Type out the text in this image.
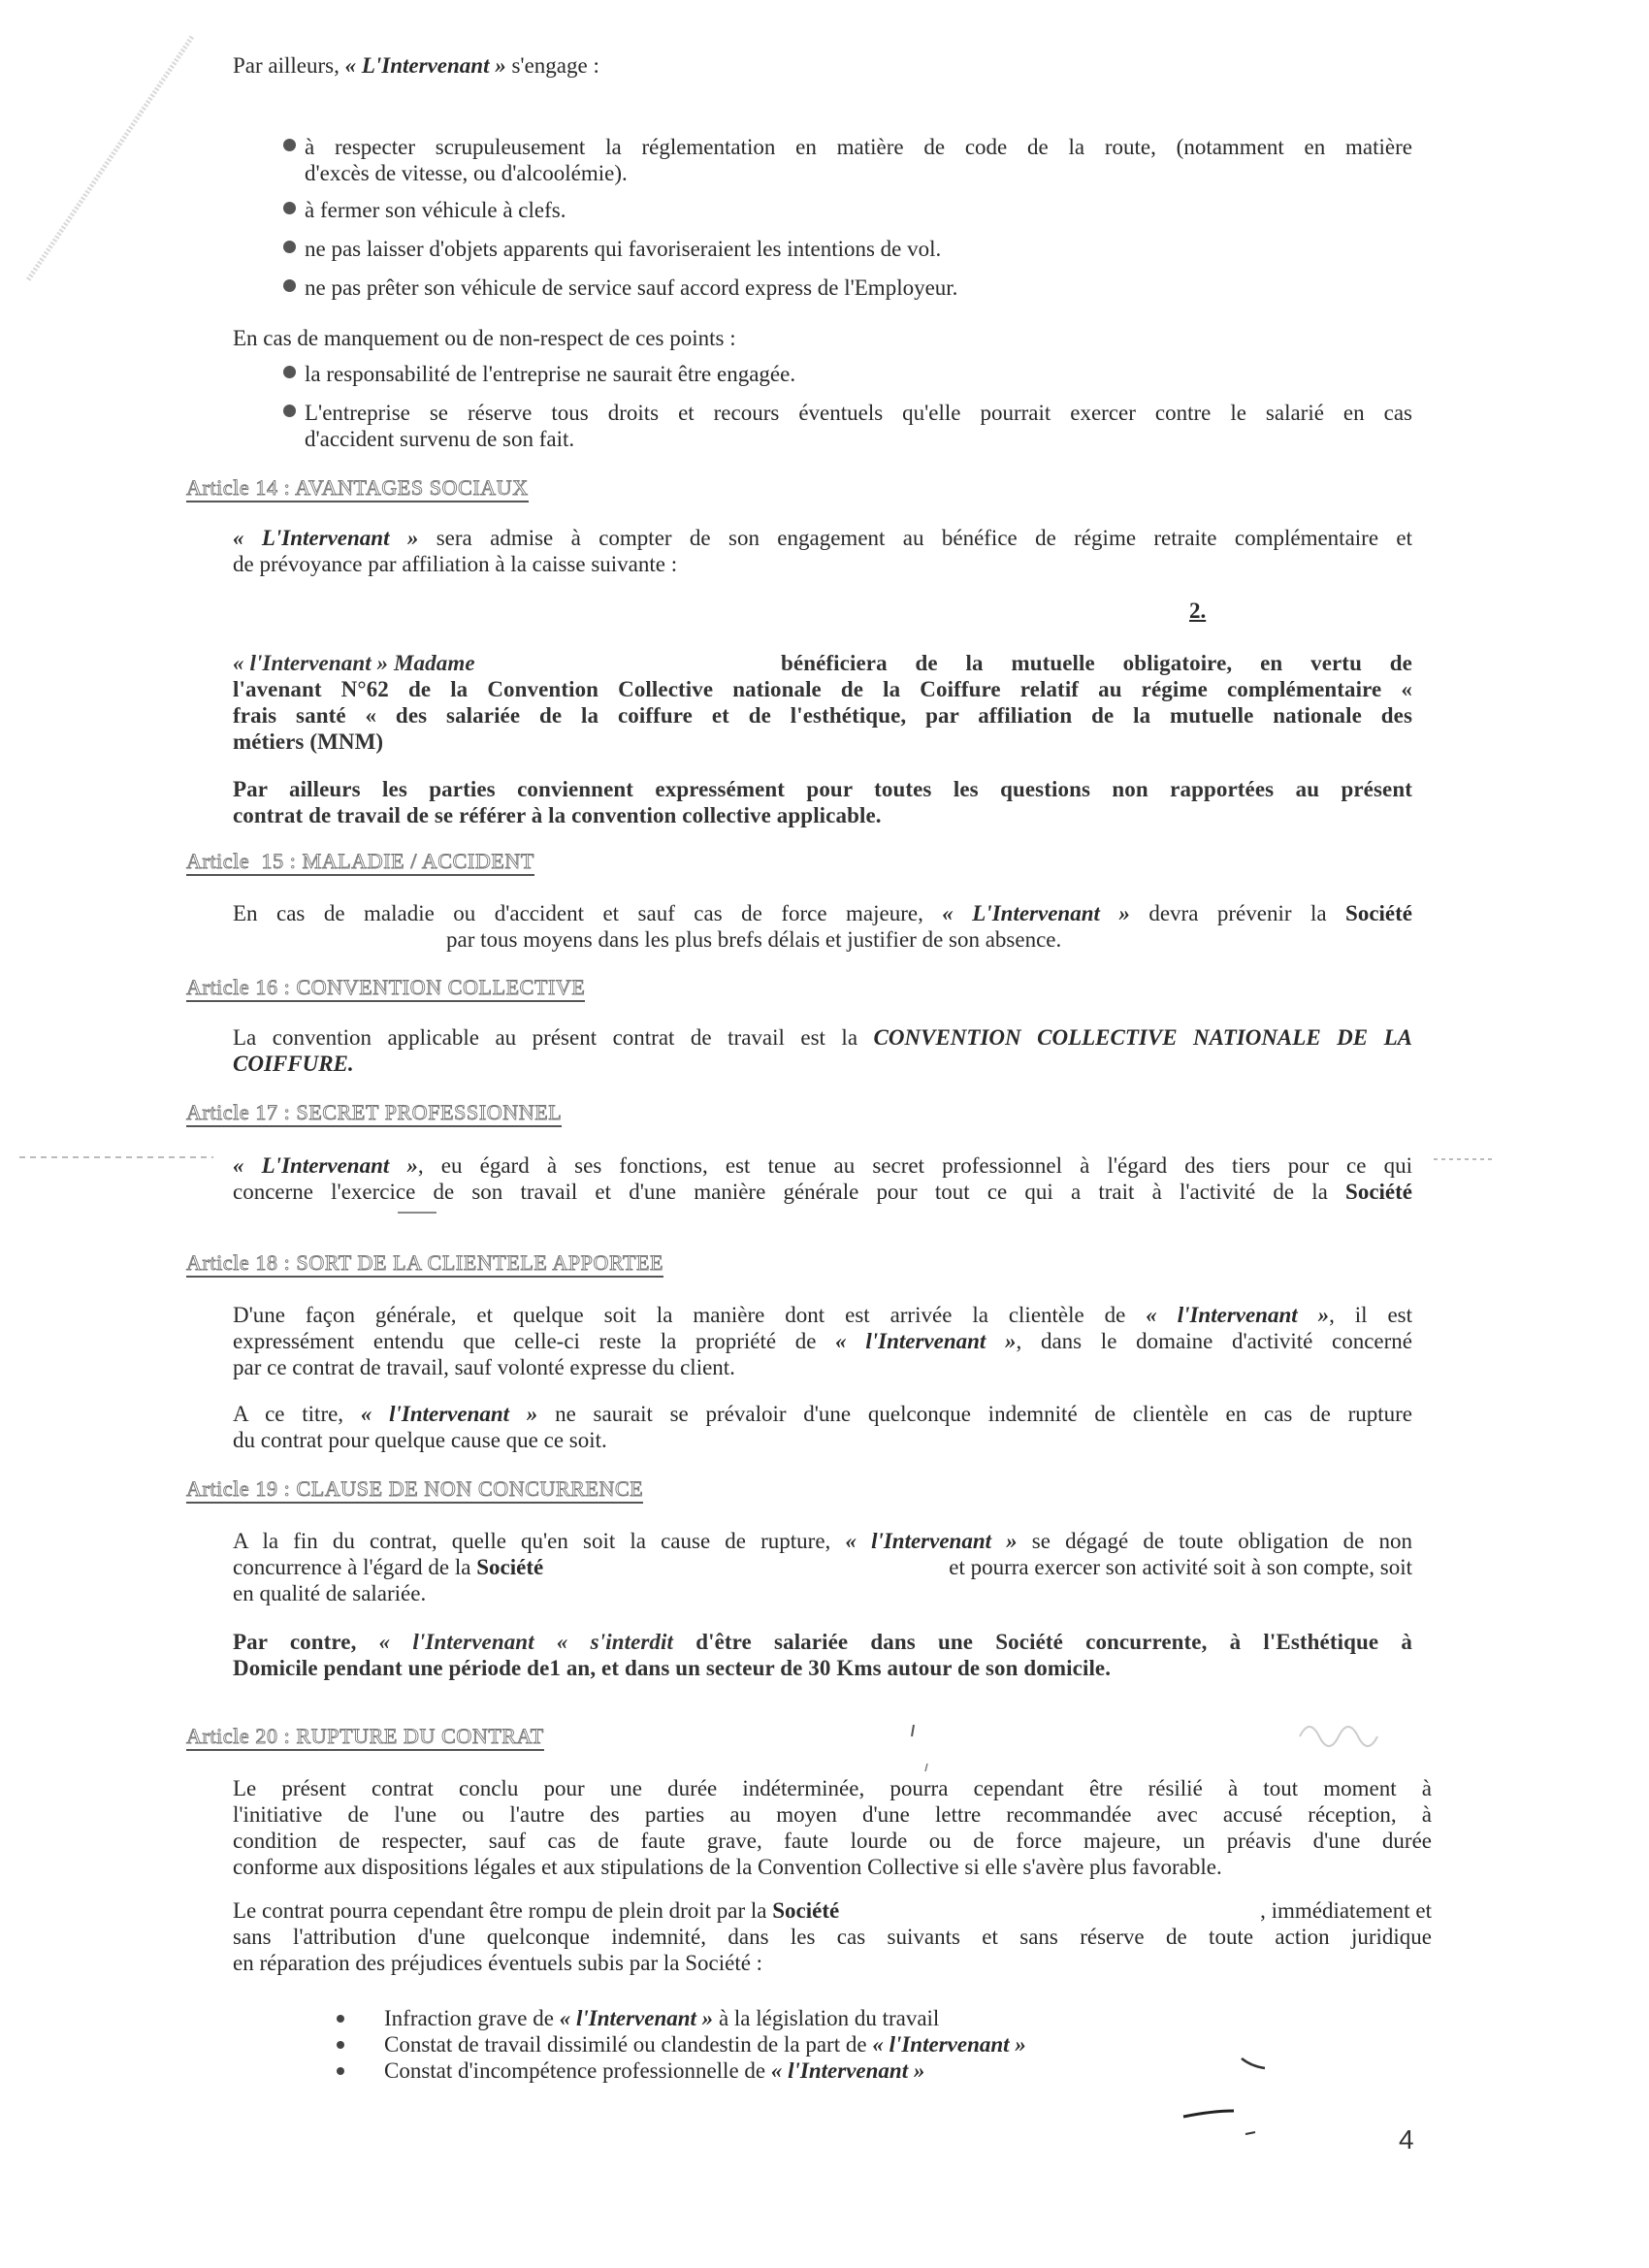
Par ailleurs, « L'Intervenant » s'engage :
à respecter scrupuleusement la réglementation en matière de code de la route, (notamment en matière
d'excès de vitesse, ou d'alcoolémie).
à fermer son véhicule à clefs.
ne pas laisser d'objets apparents qui favoriseraient les intentions de vol.
ne pas prêter son véhicule de service sauf accord express de l'Employeur.
En cas de manquement ou de non-respect de ces points :
la responsabilité de l'entreprise ne saurait être engagée.
L'entreprise se réserve tous droits et recours éventuels qu'elle pourrait exercer contre le salarié en cas
d'accident survenu de son fait.
Article 14 : AVANTAGES SOCIAUX
« L'Intervenant » sera admise à compter de son engagement au bénéfice de régime retraite complémentaire et
de prévoyance par affiliation à la caisse suivante :
2.
« l'Intervenant » Madame	bénéficiera de la mutuelle obligatoire, en vertu de
l'avenant N°62 de la Convention Collective nationale de la Coiffure relatif au régime complémentaire «
frais santé « des salariée de la coiffure et de l'esthétique, par affiliation de la mutuelle nationale des
métiers (MNM)
Par ailleurs les parties conviennent expressément pour toutes les questions non rapportées au présent
contrat de travail de se référer à la convention collective applicable.
Article  15 : MALADIE / ACCIDENT
En cas de maladie ou d'accident et sauf cas de force majeure, « L'Intervenant » devra prévenir la Société
par tous moyens dans les plus brefs délais et justifier de son absence.
Article 16 : CONVENTION COLLECTIVE
La convention applicable au présent contrat de travail est la CONVENTION COLLECTIVE NATIONALE DE LA
COIFFURE.
Article 17 : SECRET PROFESSIONNEL
« L'Intervenant », eu égard à ses fonctions, est tenue au secret professionnel à l'égard des tiers pour ce qui
concerne l'exercice de son travail et d'une manière générale pour tout ce qui a trait à l'activité de la Société
Article 18 : SORT DE LA CLIENTELE APPORTEE
D'une façon générale, et quelque soit la manière dont est arrivée la clientèle de « l'Intervenant », il est
expressément entendu que celle-ci reste la propriété de « l'Intervenant », dans le domaine d'activité concerné
par ce contrat de travail, sauf volonté expresse du client.
A ce titre, « l'Intervenant » ne saurait se prévaloir d'une quelconque indemnité de clientèle en cas de rupture
du contrat pour quelque cause que ce soit.
Article 19 : CLAUSE DE NON CONCURRENCE
A la fin du contrat, quelle qu'en soit la cause de rupture, « l'Intervenant » se dégagé de toute obligation de non
concurrence à l'égard de la Société	et pourra exercer son activité soit à son compte, soit
en qualité de salariée.
Par contre, « l'Intervenant « s'interdit d'être salariée dans une Société concurrente, à l'Esthétique à
Domicile pendant une période de1 an, et dans un secteur de 30 Kms autour de son domicile.
Article 20 : RUPTURE DU CONTRAT
Le présent contrat conclu pour une durée indéterminée, pourra cependant être résilié à tout moment à
l'initiative de l'une ou l'autre des parties au moyen d'une lettre recommandée avec accusé réception, à
condition de respecter, sauf cas de faute grave, faute lourde ou de force majeure, un préavis d'une durée
conforme aux dispositions légales et aux stipulations de la Convention Collective si elle s'avère plus favorable.
Le contrat pourra cependant être rompu de plein droit par la Société	, immédiatement et
sans l'attribution d'une quelconque indemnité, dans les cas suivants et sans réserve de toute action juridique
en réparation des préjudices éventuels subis par la Société :
Infraction grave de « l'Intervenant » à la législation du travail
Constat de travail dissimilé ou clandestin de la part de « l'Intervenant »
Constat d'incompétence professionnelle de « l'Intervenant »
4
